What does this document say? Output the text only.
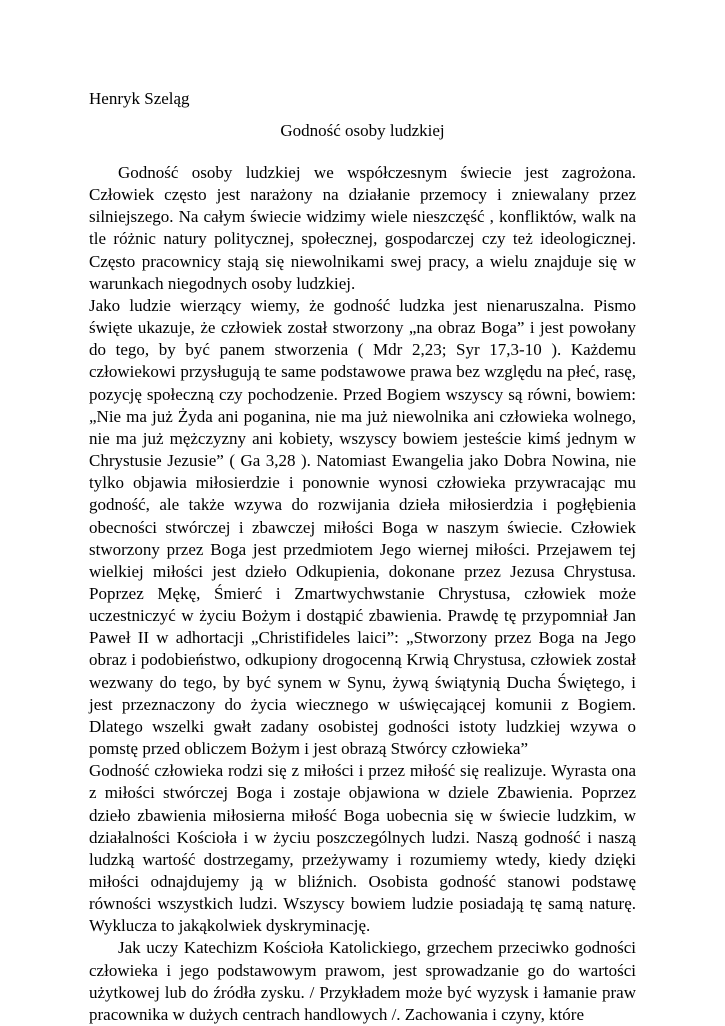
Henryk Szeląg

Godność osoby ludzkiej

Godność osoby ludzkiej we współczesnym świecie jest zagrożona. Człowiek często jest narażony na działanie przemocy i zniewalany przez silniejszego. Na całym świecie widzimy wiele nieszczęść , konfliktów, walk na tle różnic natury politycznej, społecznej, gospodarczej czy też ideologicznej. Często pracownicy stają się niewolnikami swej pracy, a wielu znajduje się w warunkach niegodnych osoby ludzkiej.

Jako ludzie wierzący wiemy, że godność ludzka jest nienaruszalna. Pismo święte ukazuje, że człowiek został stworzony „na obraz Boga” i jest powołany do tego, by być panem stworzenia ( Mdr 2,23; Syr 17,3-10 ). Każdemu człowiekowi przysługują te same podstawowe prawa bez względu na płeć, rasę, pozycję społeczną czy pochodzenie. Przed Bogiem wszyscy są równi, bowiem: „Nie ma już Żyda ani poganina, nie ma już niewolnika ani człowieka wolnego, nie ma już mężczyzny ani kobiety, wszyscy bowiem jesteście kimś jednym w Chrystusie Jezusie” ( Ga 3,28 ). Natomiast Ewangelia jako Dobra Nowina, nie tylko objawia miłosierdzie i ponownie wynosi człowieka przywracając mu godność, ale także wzywa do rozwijania dzieła miłosierdzia i pogłębienia obecności stwórczej i zbawczej miłości Boga w naszym świecie. Człowiek stworzony przez Boga jest przedmiotem Jego wiernej miłości. Przejawem tej wielkiej miłości jest dzieło Odkupienia, dokonane przez Jezusa Chrystusa. Poprzez Mękę, Śmierć i Zmartwychwstanie Chrystusa, człowiek może uczestniczyć w życiu Bożym i dostąpić zbawienia. Prawdę tę przypomniał Jan Paweł II w adhortacji „Christifideles laici”: „Stworzony przez Boga na Jego obraz i podobieństwo, odkupiony drogocenną Krwią Chrystusa, człowiek został wezwany do tego, by być synem w Synu, żywą świątynią Ducha Świętego, i jest przeznaczony do życia wiecznego w uświęcającej komunii z Bogiem. Dlatego wszelki gwałt zadany osobistej godności istoty ludzkiej wzywa o pomstę przed obliczem Bożym i jest obrazą Stwórcy człowieka”

Godność człowieka rodzi się z miłości i przez miłość się realizuje. Wyrasta ona z miłości stwórczej Boga i zostaje objawiona w dziele Zbawienia. Poprzez dzieło zbawienia miłosierna miłość Boga uobecnia się w świecie ludzkim, w działalności Kościoła i w życiu poszczególnych ludzi. Naszą godność i naszą ludzką wartość dostrzegamy, przeżywamy i rozumiemy wtedy, kiedy dzięki miłości odnajdujemy ją w bliźnich. Osobista godność stanowi podstawę równości wszystkich ludzi. Wszyscy bowiem ludzie posiadają tę samą naturę. Wyklucza to jakąkolwiek dyskryminację.

Jak uczy Katechizm Kościoła Katolickiego, grzechem przeciwko godności człowieka i jego podstawowym prawom, jest sprowadzanie go do wartości użytkowej lub do źródła zysku. / Przykładem może być wyzysk i łamanie praw pracownika w dużych centrach handlowych /. Zachowania i czyny, które
